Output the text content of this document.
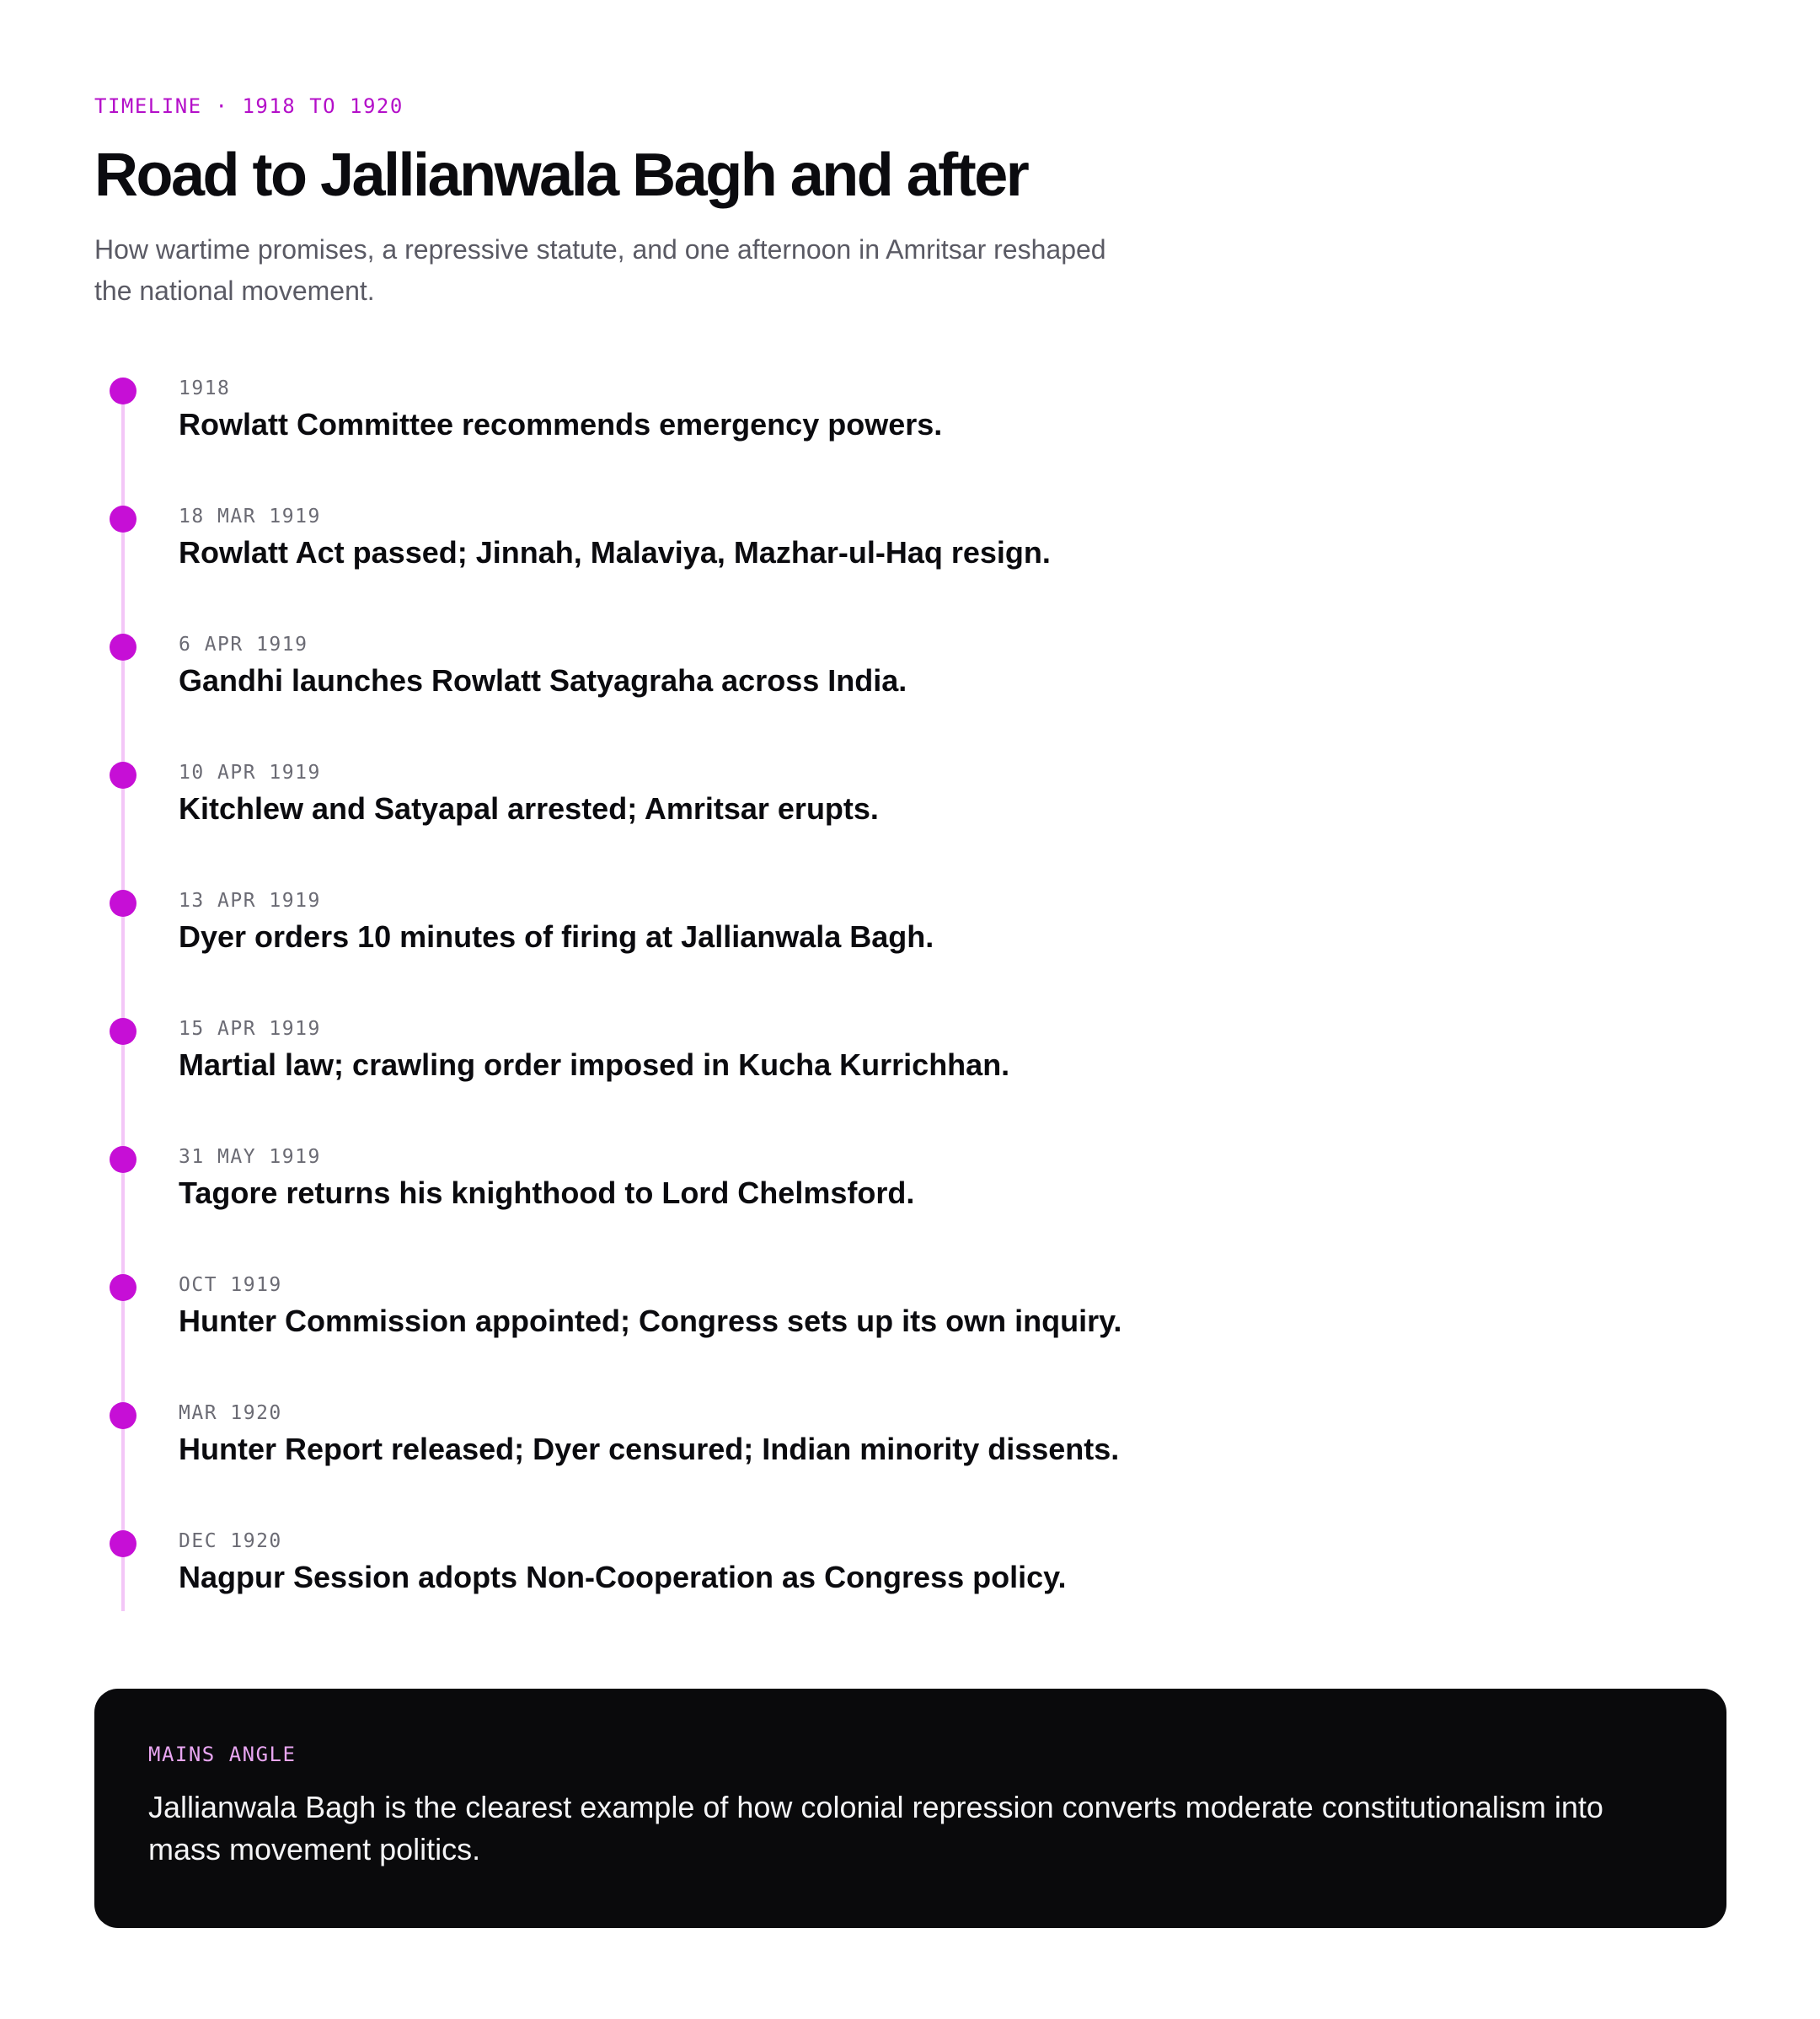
TIMELINE · 1918 TO 1920
Road to Jallianwala Bagh and after

How wartime promises, a repressive statute, and one afternoon in Amritsar reshaped the national movement.

1918
Rowlatt Committee recommends emergency powers.
18 MAR 1919
Rowlatt Act passed; Jinnah, Malaviya, Mazhar-ul-Haq resign.
6 APR 1919
Gandhi launches Rowlatt Satyagraha across India.
10 APR 1919
Kitchlew and Satyapal arrested; Amritsar erupts.
13 APR 1919
Dyer orders 10 minutes of firing at Jallianwala Bagh.
15 APR 1919
Martial law; crawling order imposed in Kucha Kurrichhan.
31 MAY 1919
Tagore returns his knighthood to Lord Chelmsford.
OCT 1919
Hunter Commission appointed; Congress sets up its own inquiry.
MAR 1920
Hunter Report released; Dyer censured; Indian minority dissents.
DEC 1920
Nagpur Session adopts Non-Cooperation as Congress policy.
MAINS ANGLE

Jallianwala Bagh is the clearest example of how colonial repression converts moderate constitutionalism into mass movement politics.
